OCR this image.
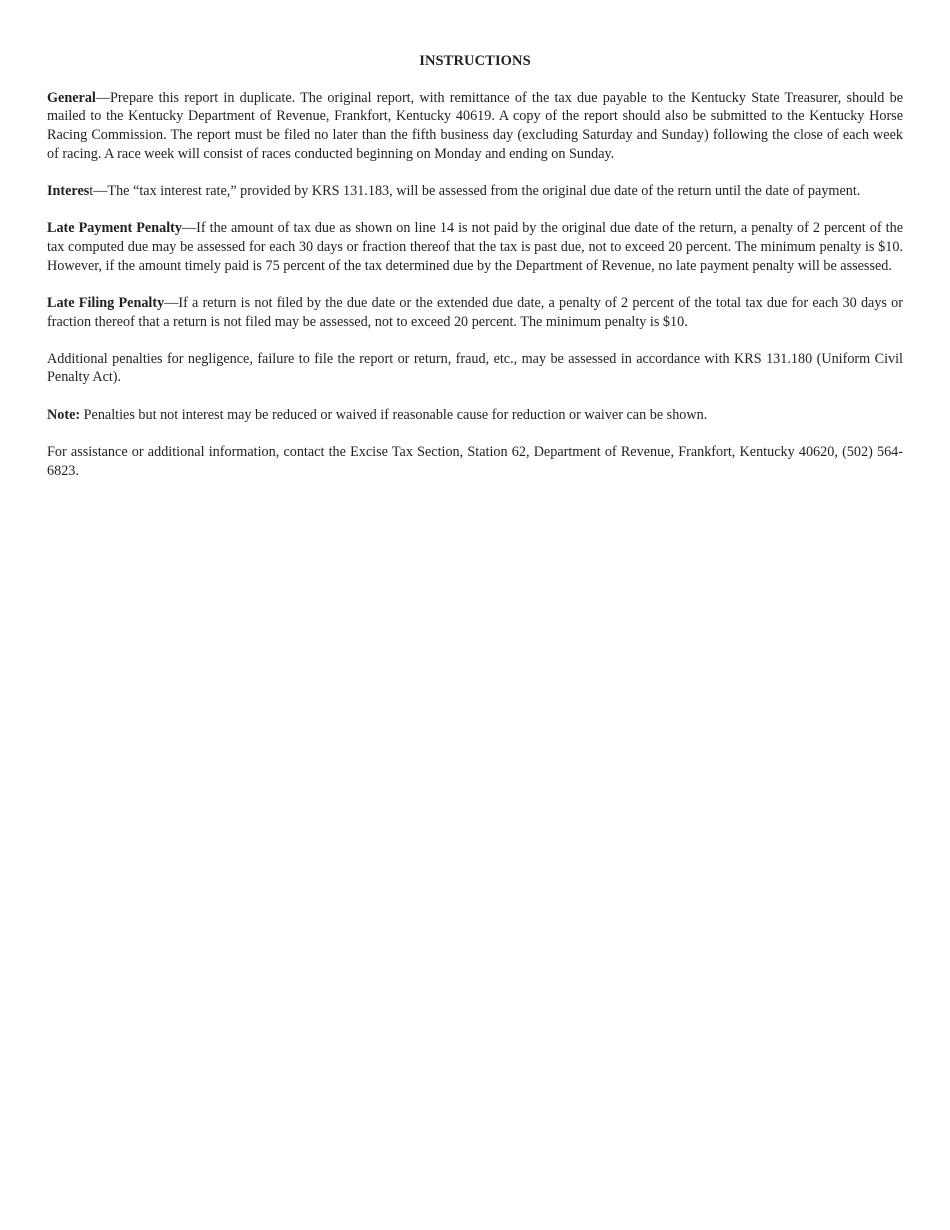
INSTRUCTIONS

General—Prepare this report in duplicate. The original report, with remittance of the tax due payable to the Kentucky State Treasurer, should be mailed to the Kentucky Department of Revenue, Frankfort, Kentucky 40619. A copy of the report should also be submitted to the Kentucky Horse Racing Commission. The report must be filed no later than the fifth business day (excluding Saturday and Sunday) following the close of each week of racing. A race week will consist of races conducted beginning on Monday and ending on Sunday.

Interest—The “tax interest rate,” provided by KRS 131.183, will be assessed from the original due date of the return until the date of payment.

Late Payment Penalty—If the amount of tax due as shown on line 14 is not paid by the original due date of the return, a penalty of 2 percent of the tax computed due may be assessed for each 30 days or fraction thereof that the tax is past due, not to exceed 20 percent. The minimum penalty is $10. However, if the amount timely paid is 75 percent of the tax determined due by the Department of Revenue, no late payment penalty will be assessed.

Late Filing Penalty—If a return is not filed by the due date or the extended due date, a penalty of 2 percent of the total tax due for each 30 days or fraction thereof that a return is not filed may be assessed, not to exceed 20 percent. The minimum penalty is $10.

Additional penalties for negligence, failure to file the report or return, fraud, etc., may be assessed in accordance with KRS 131.180 (Uniform Civil Penalty Act).

Note: Penalties but not interest may be reduced or waived if reasonable cause for reduction or waiver can be shown.

For assistance or additional information, contact the Excise Tax Section, Station 62, Department of Revenue, Frankfort, Kentucky 40620, (502) 564-6823.
